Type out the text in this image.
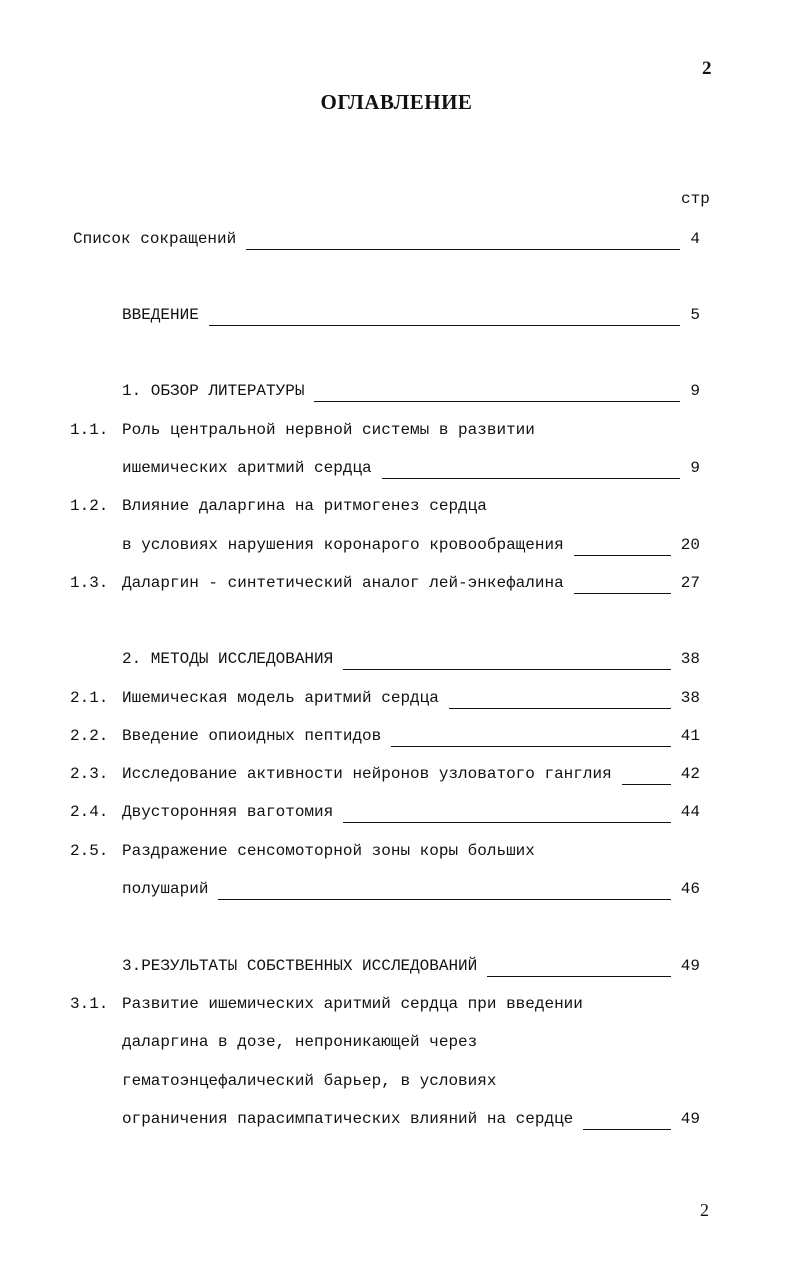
2
ОГЛАВЛЕНИЕ
стр
Список сокращений	4
ВВЕДЕНИЕ	5
1. ОБЗОР ЛИТЕРАТУРЫ	9
1.1. Роль центральной нервной системы в развитии
ишемических аритмий сердца	9
1.2. Влияние даларгина на ритмогенез сердца
в условиях нарушения коронарого кровообращения	20
1.3. Даларгин - синтетический аналог лей-энкефалина	27
2. МЕТОДЫ ИССЛЕДОВАНИЯ	38
2.1. Ишемическая модель аритмий сердца	38
2.2. Введение опиоидных пептидов	41
2.3. Исследование активности нейронов узловатого ганглия	42
2.4. Двусторонняя ваготомия	44
2.5. Раздражение сенсомоторной зоны коры больших
полушарий	46
3.РЕЗУЛЬТАТЫ СОБСТВЕННЫХ ИССЛЕДОВАНИЙ	49
3.1. Развитие ишемических аритмий сердца при введении
даларгина в дозе, непроникающей через
гематоэнцефалический барьер, в условиях
ограничения парасимпатических влияний на сердце	49
2
